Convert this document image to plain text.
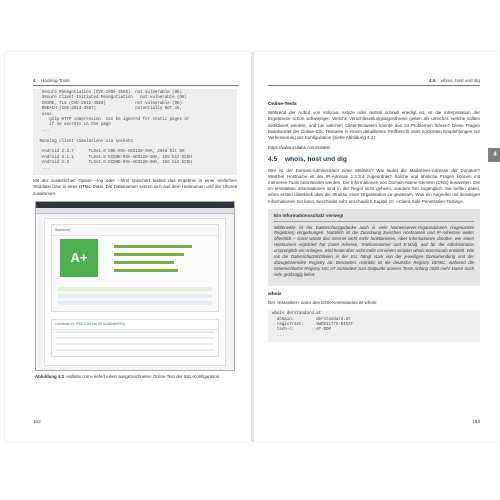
4 Hacking-Tools
Secure Renegotiation (CVE-2009-3555)  not vulnerable (OK)
Secure Client-Initiated Renegotiation   not vulnerable (OK)
CRIME, TLS (CVE-2012-4929)            not vulnerable (OK)
BREACH (CVE-2013-3587)                potentially NOT ok,
uses
gzip HTTP compression. Can be ignored for static pages or
if no secrets in the page
...

Running client simulations via sockets

Android 2.3.7      TLSv1.0 DHE-RSA-AES128-SHA, 2048 bit DH
Android 4.1.1      TLSv1.0 ECDHE-RSA-AES128-SHA, 256 bit ECDH
Android 4.3        TLSv1.0 ECDHE-RSA-AES128-SHA, 256 bit ECDH
...

Mit der zusätzlichen Option --log oder --html speichert testssl das Ergebnis in einer einfachen Textdatei bzw. in einer HTML-Datei. Die Dateinamen setzen sich aus dem Hostnamen und der Uhrzeit zusammen.

Summary
A+
Certificate #1: RSA 2048 bits (SHA256withRSA)
Abbildung 4.2 »ssllabs.com« liefert einen ausgezeichneten Online-Test der SSL-Konfiguration.
162
4.5 whois, host und dig
4
Online-Tests

Während der Aufruf von sslscan, sslyze oder testssl schnell erledigt ist, ist die Interpretation der Ergebnisse schon schwieriger: Welche Verschlüsselungsalgorithmen gelten als unsicher, welche sollten deaktiviert werden, und bei welchen Client-Browsern könnte das zu Problemen führen? Diese Fragen beantwortet der Online-SSL-Testseite in einem detaillierten Prüfbericht samt konkreten Empfehlungen zur Verbesserung der Konfiguration (siehe Abbildung 4.2):

https://www.ssllabs.com/ssltest
4.5 whois, host und dig

Wer ist der Domain-Administrator einer Website? Wie lautet die Mailserver-Adresse der Domäne? Welcher Hostname ist der IP-Adresse 1.2.3.4 zugeordnet? Solche und ähnliche Fragen können mit mehreren Tools beantwortet werden. Die Informationen von Domain-Name-Servern (DNS) auswerten. Die so ermittelten Informationen sind in der Regel nicht geheim, sondern frei zugänglich. Sie helfen dabei, einen ersten Überblick über die Struktur einer Organisation zu gewinnen. Was ein Angreifer mit derartigen Informationen tun kann, beschreibt sehr anschaulich Kapitel 10, »Client-Side Penetration-Testing«.

Ein Informationsschatz vorweg!

Mittlerweile ist der Datenschutzgedanke auch in viele Namenserver-Organisationen (sogenannte Registries) vorgedrungen. Natürlich ist die Zuordnung zwischen Hostnamen und IP-Adressen weiter öffentlich – sonst würde das Internet nicht mehr funktionieren. Aber Informationen darüber, wer einen Hostnamen registriert hat (samt Adresse, Telefonnummer und E-Mail), war für die Administration ursprünglich ein Anliegen, wird heute aber nicht mehr mit einem simplen whois-Kommando ermittelt. Wie mit die Datenschutzrichtlinien in der EU, hängt stark von der jeweiligen Domainendung und der dazugehörenden Registry ab. Besonders restriktiv ist die deutsche Registry DENIC, während die österreichische Registry NIC.AT zumindest zum Zeitpunkt unserer Tests Anfang 2020 mehr Daten noch sehr großzügig liefert.

whois

Der »Klassiker« unter den DNS-Kommandos ist whois:

whois derstandard.at
domain:         derstandard.at
registrant:     SWRD11776-NICAT
tech-c:         AT-DOM
...
163
